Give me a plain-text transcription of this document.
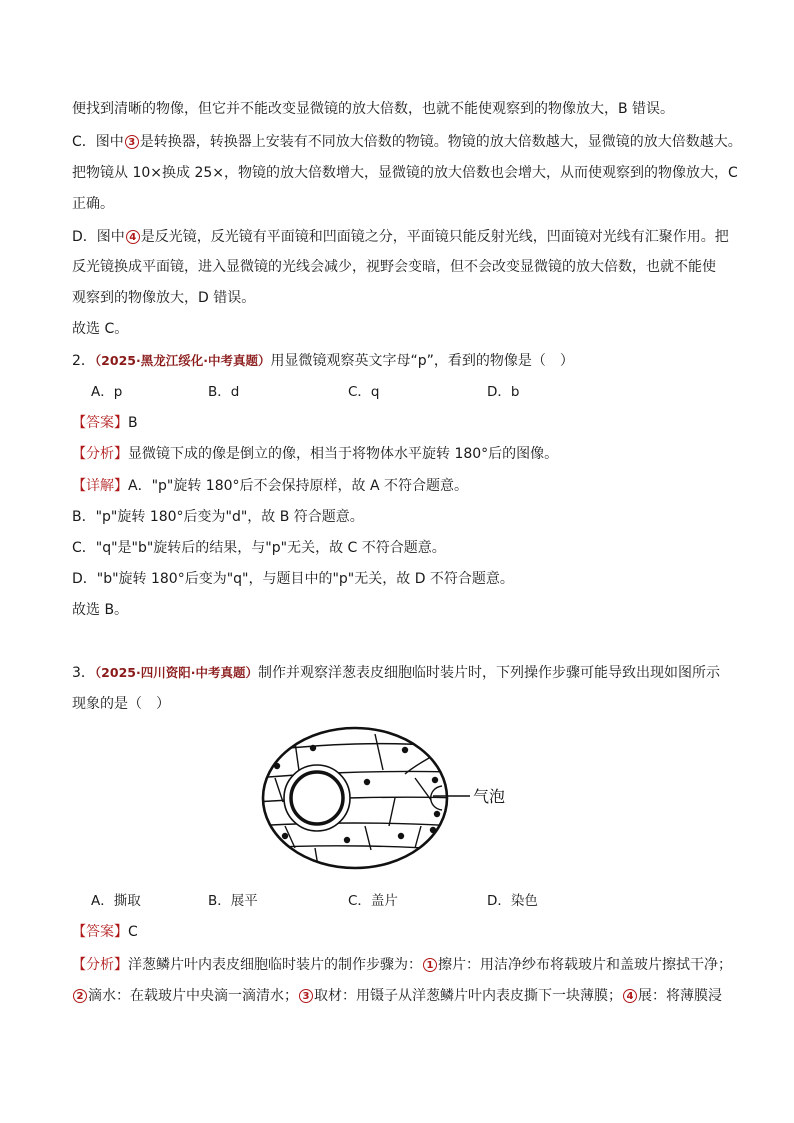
便找到清晰的物像，但它并不能改变显微镜的放大倍数，也就不能使观察到的物像放大，B 错误。
C．图中 3 是转换器，转换器上安装有不同放大倍数的物镜。物镜的放大倍数越大，显微镜的放大倍数越大。
把物镜从 10×换成 25×，物镜的放大倍数增大，显微镜的放大倍数也会增大，从而使观察到的物像放大，C
正确。
D．图中 4 是反光镜，反光镜有平面镜和凹面镜之分，平面镜只能反射光线，凹面镜对光线有汇聚作用。把
反光镜换成平面镜，进入显微镜的光线会减少，视野会变暗，但不会改变显微镜的放大倍数，也就不能使
观察到的物像放大，D 错误。
故选 C。
2．（2025·黑龙江绥化·中考真题）用显微镜观察英文字母“p”，看到的物像是（　）
A．p	B．d	C．q	D．b
【答案】B
【分析】显微镜下成的像是倒立的像，相当于将物体水平旋转 180°后的图像。
【详解】A．"p"旋转 180°后不会保持原样，故 A 不符合题意。
B．"p"旋转 180°后变为"d"，故 B 符合题意。
C．"q"是"b"旋转后的结果，与"p"无关，故 C 不符合题意。
D．"b"旋转 180°后变为"q"，与题目中的"p"无关，故 D 不符合题意。
故选 B。
3．（2025·四川资阳·中考真题）制作并观察洋葱表皮细胞临时装片时，下列操作步骤可能导致出现如图所示
现象的是（　）
气泡
A．撕取	B．展平	C．盖片	D．染色
【答案】C
【分析】洋葱鳞片叶内表皮细胞临时装片的制作步骤为： 1 擦片：用洁净纱布将载玻片和盖玻片擦拭干净；
2 滴水：在载玻片中央滴一滴清水； 3 取材：用镊子从洋葱鳞片叶内表皮撕下一块薄膜； 4 展：将薄膜浸
